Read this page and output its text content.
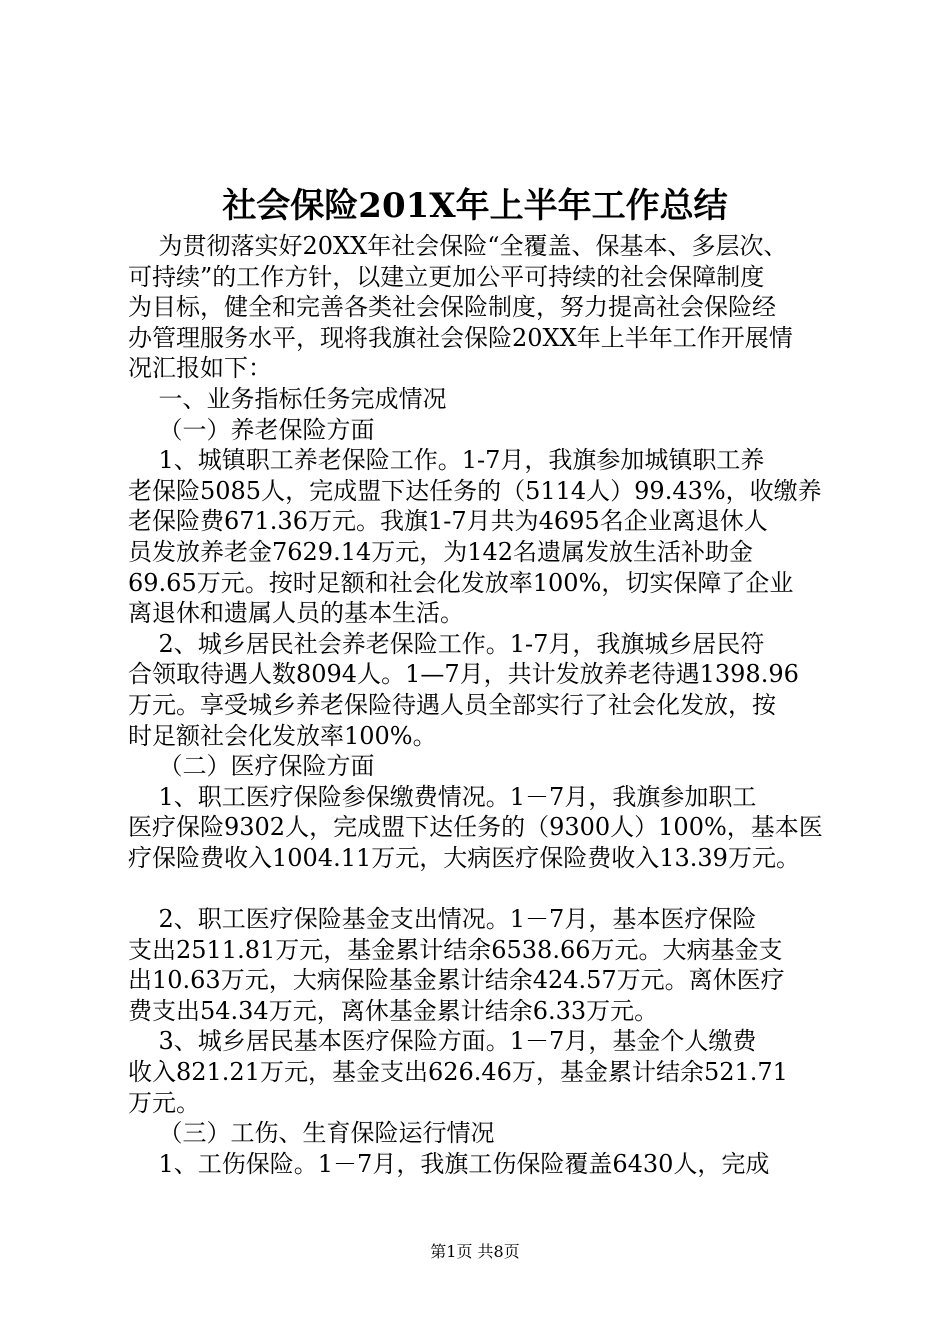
社会保险201X年上半年工作总结
为贯彻落实好20XX年社会保险“全覆盖、保基本、多层次、
可持续”的工作方针，以建立更加公平可持续的社会保障制度
为目标，健全和完善各类社会保险制度，努力提高社会保险经
办管理服务水平，现将我旗社会保险20XX年上半年工作开展情
况汇报如下：
一、业务指标任务完成情况
（一）养老保险方面
1、城镇职工养老保险工作。1-7月，我旗参加城镇职工养
老保险5085人，完成盟下达任务的（5114人）99.43%，收缴养
老保险费671.36万元。我旗1-7月共为4695名企业离退休人
员发放养老金7629.14万元，为142名遗属发放生活补助金
69.65万元。按时足额和社会化发放率100%，切实保障了企业
离退休和遗属人员的基本生活。
2、城乡居民社会养老保险工作。1-7月，我旗城乡居民符
合领取待遇人数8094人。1—7月，共计发放养老待遇1398.96
万元。享受城乡养老保险待遇人员全部实行了社会化发放，按
时足额社会化发放率100%。
（二）医疗保险方面
1、职工医疗保险参保缴费情况。1－7月，我旗参加职工
医疗保险9302人，完成盟下达任务的（9300人）100%，基本医
疗保险费收入1004.11万元，大病医疗保险费收入13.39万元。
2、职工医疗保险基金支出情况。1－7月，基本医疗保险
支出2511.81万元，基金累计结余6538.66万元。大病基金支
出10.63万元，大病保险基金累计结余424.57万元。离休医疗
费支出54.34万元，离休基金累计结余6.33万元。
3、城乡居民基本医疗保险方面。1－7月，基金个人缴费
收入821.21万元，基金支出626.46万，基金累计结余521.71
万元。
（三）工伤、生育保险运行情况
1、工伤保险。1－7月，我旗工伤保险覆盖6430人，完成
第1页 共8页
